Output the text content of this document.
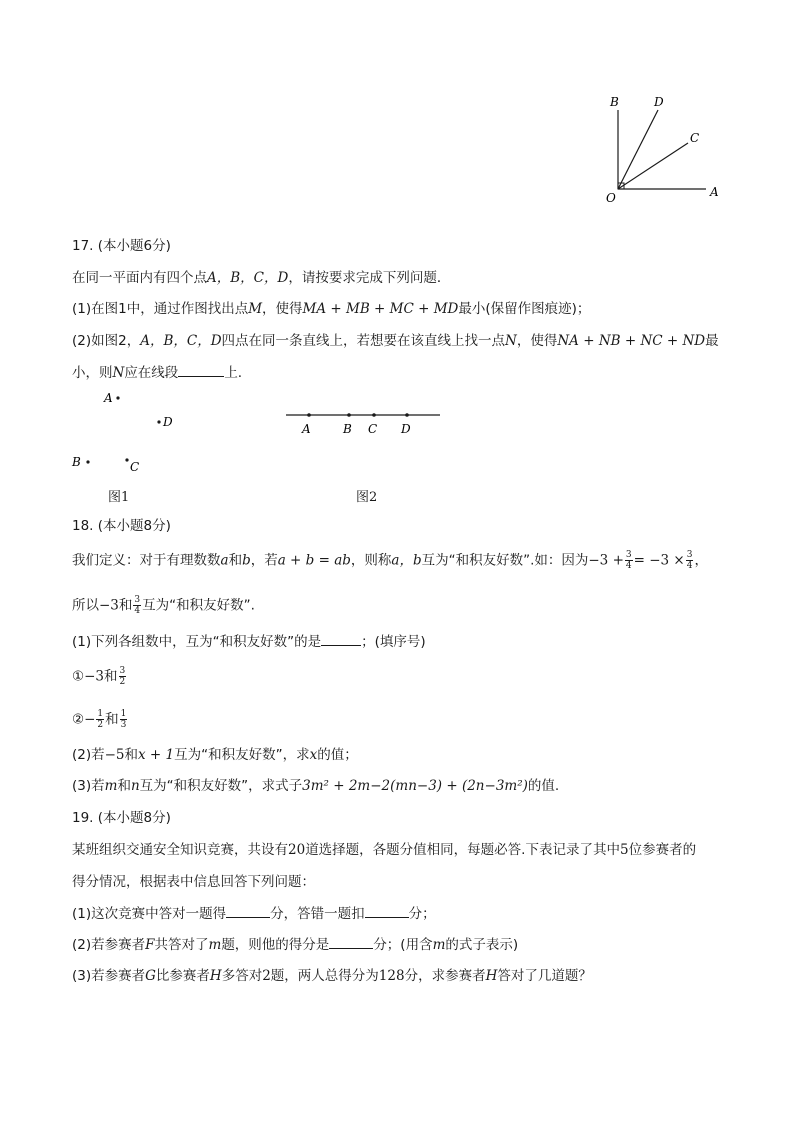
B	D
C
O	A
17. (本小题6分)
在同一平面内有四个点A，B，C，D，请按要求完成下列问题．
(1)在图1中，通过作图找出点M，使得MA + MB + MC + MD最小(保留作图痕迹)；
(2)如图2，A，B，C，D四点在同一条直线上，若想要在该直线上找一点N，使得NA + NB + NC + ND最
小，则N应在线段	上.
A
D
B	C
A	B C D
图1	图2
18. (本小题8分)
我们定义：对于有理数数a和b，若a + b = ab，则称a，b互为“和积友好数”.如：因为$-3 + \frac{3}{4} = -3 \times \frac{3}{4}$ ，
所以−3和 $\frac{3}{4}$ 互为“和积友好数”.
(1)下列各组数中，互为“和积友好数”的是	；(填序号)
①−3和 $\frac{3}{2}$
②− $\frac{1}{2}$ 和 $\frac{1}{3}$
(2)若−5和x + 1互为“和积友好数”，求x的值；
(3)若m和n互为“和积友好数”，求式子3m² + 2m−2(mn−3) + (2n−3m²)的值.
19. (本小题8分)
某班组织交通安全知识竞赛，共设有20道选择题，各题分值相同，每题必答.下表记录了其中5位参赛者的
得分情况，根据表中信息回答下列问题：
(1)这次竞赛中答对一题得	分，答错一题扣	分；
(2)若参赛者F共答对了m题，则他的得分是	分；(用含m的式子表示)
(3)若参赛者G比参赛者H多答对2题，两人总得分为128分，求参赛者H答对了几道题？
